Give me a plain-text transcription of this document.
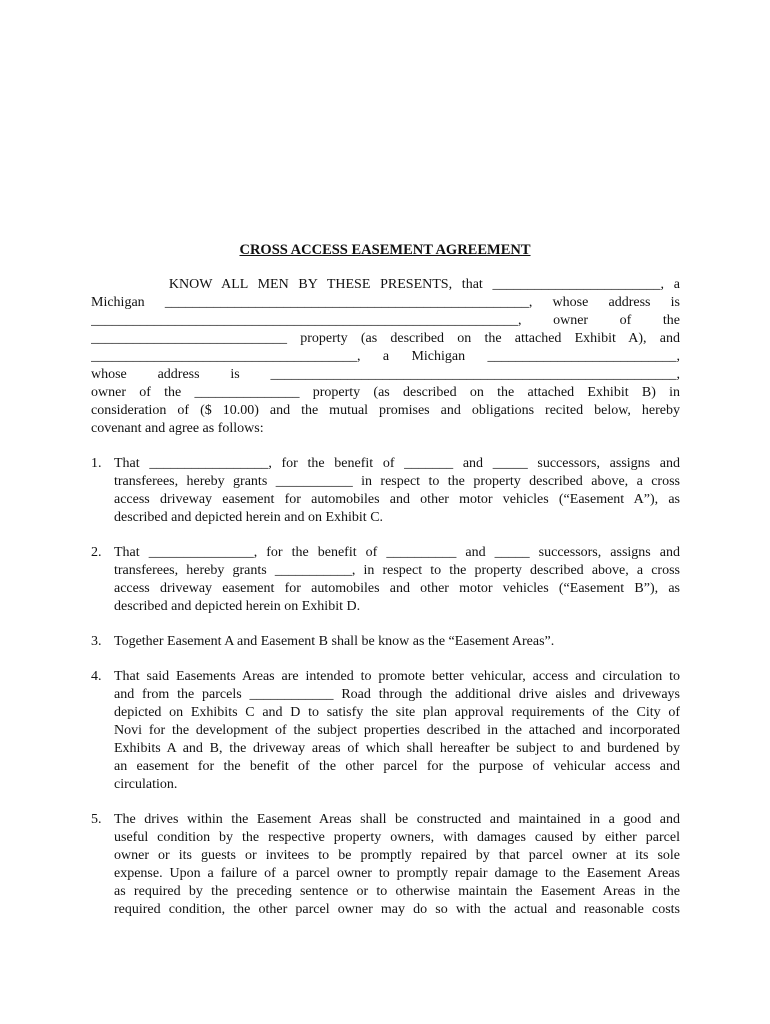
CROSS ACCESS EASEMENT AGREEMENT
KNOW ALL MEN BY THESE PRESENTS, that ________________________, a
Michigan ____________________________________________________, whose address is
_____________________________________________________________, owner of the
____________________________ property (as described on the attached Exhibit A), and
______________________________________, a Michigan ___________________________,
whose address is __________________________________________________________,
owner of the _______________ property (as described on the attached Exhibit B) in
consideration of ($ 10.00) and the mutual promises and obligations recited below, hereby
covenant and agree as follows:
1. That _________________, for the benefit of _______ and _____ successors, assigns and
transferees, hereby grants ___________ in respect to the property described above, a cross
access driveway easement for automobiles and other motor vehicles (“Easement A”), as
described and depicted herein and on Exhibit C.
2. That _______________, for the benefit of __________ and _____ successors, assigns and
transferees, hereby grants ___________, in respect to the property described above, a cross
access driveway easement for automobiles and other motor vehicles (“Easement B”), as
described and depicted herein on Exhibit D.
3. Together Easement A and Easement B shall be know as the “Easement Areas”.
4. That said Easements Areas are intended to promote better vehicular, access and circulation to
and from the parcels ____________ Road through the additional drive aisles and driveways
depicted on Exhibits C and D to satisfy the site plan approval requirements of the City of
Novi for the development of the subject properties described in the attached and incorporated
Exhibits A and B, the driveway areas of which shall hereafter be subject to and burdened by
an easement for the benefit of the other parcel for the purpose of vehicular access and
circulation.
5. The drives within the Easement Areas shall be constructed and maintained in a good and
useful condition by the respective property owners, with damages caused by either parcel
owner or its guests or invitees to be promptly repaired by that parcel owner at its sole
expense. Upon a failure of a parcel owner to promptly repair damage to the Easement Areas
as required by the preceding sentence or to otherwise maintain the Easement Areas in the
required condition, the other parcel owner may do so with the actual and reasonable costs
